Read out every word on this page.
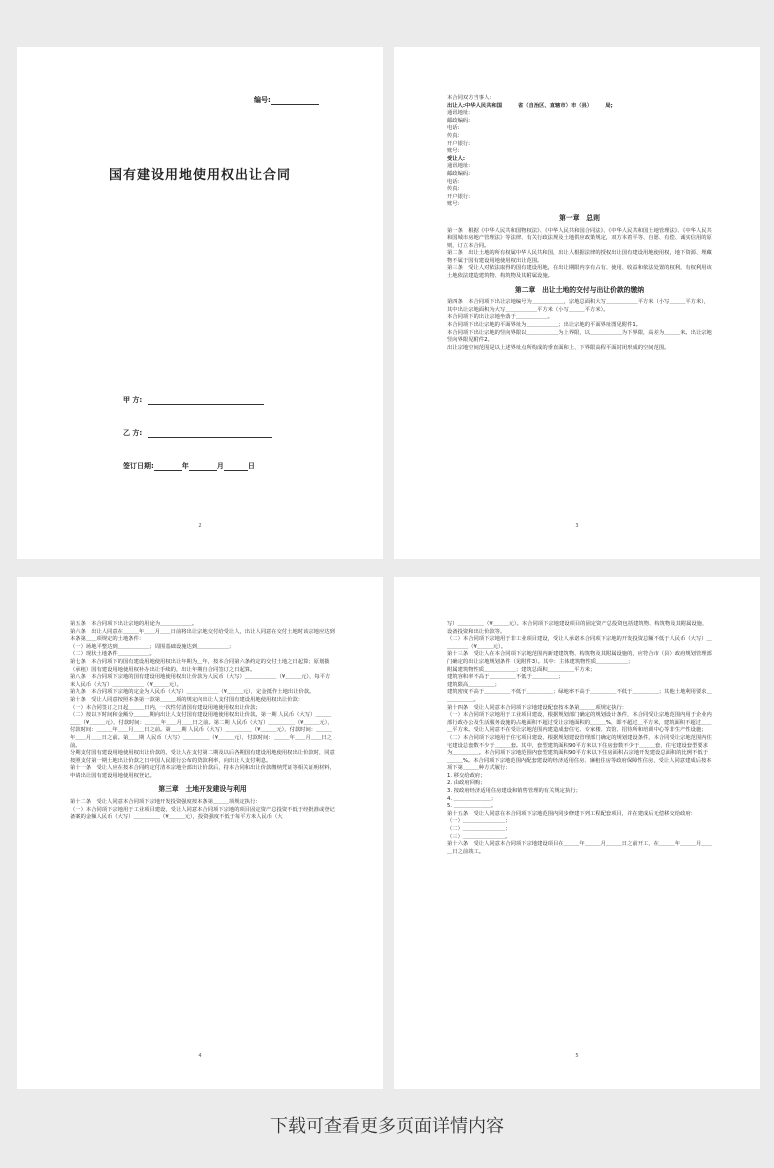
编号:
国有建设用地使用权出让合同
甲 方:
乙 方:
签订日期:	年	月	日
2

本合同双方当事人:

出让人:中华人民共和国　　　省（自治区、直辖市）市（县）　　　局;

通讯地址:

邮政编码:

电话:

传真:

开户银行:

账号:

受让人:

通讯地址:

邮政编码:

电话:

传真:

开户银行:

账号:

第一章　总则

第一条　根据《中华人民共和国物权法》、《中华人民共和国合同法》、《中华人民共和国土地管理法》、《中华人民共和国城市房地产管理法》等法律、有关行政法规及土地供应政策规定，双方本着平等、自愿、有偿、诚实信用的原则，订立本合同。

第二条　出让土地的所有权属中华人民共和国，出让人根据法律的授权出让国有建设用地使用权，地下资源、埋藏物不属于国有建设用地使用权出让范围。

第三条　受让人对依法取得的国有建设用地，在出让期限内享有占有、使用、收益和依法处置的权利，有权利用该土地依法建造建筑物、构筑物及其附属设施。

第二章　出让土地的交付与出让价款的缴纳

第四条　本合同项下出让宗地编号为＿＿＿＿＿＿，宗地总面积大写＿＿＿＿＿＿平方米（小写＿＿＿平方米），其中出让宗地面积为大写＿＿＿＿＿＿平方米（小写＿＿＿平方米）。

本合同项下的出让宗地坐落于＿＿＿＿＿＿。

本合同项下出让宗地的平面界址为＿＿＿＿＿＿；出让宗地的平面界址图见附件1。

本合同项下出让宗地的竖向界限以＿＿＿＿＿＿为上界限，以＿＿＿＿＿＿为下界限，高差为＿＿＿米。出让宗地竖向界限见附件2。

出让宗地空间范围是以上述界址点所构成的垂直面和上、下界限高程平面封闭形成的空间范围。

3

第五条　本合同项下出让宗地的用途为＿＿＿＿＿＿。

第六条　出让人同意在＿＿＿年＿＿月＿＿日前将出让宗地交付给受让人，出让人同意在交付土地时该宗地应达到本条第＿＿项规定的土地条件：

（一）场地平整达到＿＿＿＿＿＿；周围基础设施达到＿＿＿＿＿＿；

（二）现状土地条件＿＿＿＿＿＿。

第七条　本合同项下的国有建设用地使用权出让年期为＿年，按本合同第六条约定的交付土地之日起算；原划拨（承租）国有建设用地使用权补办出让手续的，出让年期自合同签订之日起算。

第八条　本合同项下宗地的国有建设用地使用权出让价款为人民币（大写）＿＿＿＿＿＿（¥＿＿＿元），每平方米人民币（大写）＿＿＿＿＿＿（¥＿＿＿元）。

第九条　本合同项下宗地的定金为人民币（大写）＿＿＿＿＿＿（¥＿＿＿元），定金抵作土地出让价款。

第十条　受让人同意按照本条第一款第＿＿＿项的规定向出让人支付国有建设用地使用权出让价款：

（一）本合同签订之日起＿＿＿日内，一次性付清国有建设用地使用权出让价款；

（二）按以下时间和金额分＿＿＿期向出让人支付国有建设用地使用权出让价款。第一期 人民币（大写）＿＿＿＿＿（¥＿＿＿元），付款时间：＿＿＿年＿＿月＿＿日之前。第二期 人民币（大写）＿＿＿＿＿（¥＿＿＿元），付款时间：＿＿＿年＿＿月＿＿日之前。第＿＿期 人民币（大写）＿＿＿＿＿（¥＿＿＿元），付款时间：＿＿＿年＿＿月＿＿日之前。第＿＿期 人民币（大写）＿＿＿＿＿（¥＿＿＿元），付款时间：＿＿＿年＿＿月＿＿日之前。

分期支付国有建设用地使用权出让价款的，受让人在支付第二期及以后各期国有建设用地使用权出让价款时，同意按照支付第一期土地出让价款之日中国人民银行公布的贷款利率，向出让人支付利息。

第十一条　受让人应在按本合同约定付清本宗地全部出让价款后，持本合同和出让价款缴纳凭证等相关证明材料，申请出让国有建设用地使用权登记。

第三章　土地开发建设与利用

第十二条　受让人同意本合同项下宗地开发投资强度按本条第＿＿＿项规定执行：

（一）本合同项下宗地用于工业项目建设，受让人同意本合同项下宗地的项目固定资产总投资不低于经批准或登记备案的金额人民币（大写）＿＿＿＿＿（¥＿＿＿元），投资强度不低于每平方米人民币（大

4

写）＿＿＿＿＿（¥＿＿＿元）。本合同项下宗地建设项目的固定资产总投资包括建筑物、构筑物及其附属设施、设备投资和出让价款等。

（二）本合同项下宗地用于非工业项目建设，受让人承诺本合同项下宗地的开发投资总额不低于人民币（大写）＿＿＿＿＿（¥＿＿＿元）。

第十三条　受让人在本合同项下宗地范围内新建建筑物、构筑物及其附属设施的，应符合市（县）政府规划管理部门确定的出让宗地规划条件（见附件3）。其中：主体建筑物性质＿＿＿＿＿＿；

附属建筑物性质＿＿＿＿＿＿；建筑总面积＿＿＿＿＿平方米；

建筑容积率不高于＿＿＿＿＿不低于＿＿＿＿＿；

建筑限高＿＿＿＿＿；

建筑密度不高于＿＿＿＿＿不低于＿＿＿＿＿；绿地率不高于＿＿＿＿＿不低于＿＿＿＿＿；其他土地利用要求＿＿＿＿＿＿。

第十四条　受让人同意本合同项下宗地建设配套按本条第＿＿＿项规定执行：

（一）本合同项下宗地用于工业项目建设，根据规划部门确定的规划设计条件，本合同受让宗地范围内用于企业内部行政办公及生活服务设施的占地面积不超过受让宗地面积的＿＿＿%，即不超过＿平方米，建筑面积不超过＿＿＿平方米。受让人同意不在受让宗地范围内建造成套住宅、专家楼、宾馆、招待所和培训中心等非生产性设施；

（二）本合同项下宗地用于住宅项目建设，根据规划建设管理部门确定的规划建设条件，本合同受让宗地范围内住宅建设总套数不少于＿＿＿套。其中，套型建筑面积90平方米以下住房套数不少于＿＿＿套，住宅建设套型要求为＿＿＿＿＿。本合同项下宗地范围内套型建筑面积90平方米以下住房面积占宗地开发建设总面积的比例不低于＿＿＿%。本合同项下宗地范围内配套建设的经济适用住房、廉租住房等政府保障性住房，受让人同意建成后按本项下第＿＿＿种方式履行：

1. 移交给政府；

2. 由政府回购；

3. 按政府经济适用住房建设和销售管理的有关规定执行；

4. ＿＿＿＿＿＿＿；

5. ＿＿＿＿＿＿＿。

第十五条　受让人同意在本合同项下宗地范围内同步修建下列工程配套项目，并在建成后无偿移交给政府：

（一）＿＿＿＿＿＿＿＿；

（二）＿＿＿＿＿＿＿＿；

（三）＿＿＿＿＿＿＿＿。

第十六条　受让人同意本合同项下宗地建设项目在＿＿＿年＿＿＿月＿＿＿日之前开工，在＿＿＿年＿＿＿月＿＿＿日之前竣工。

5
下载可查看更多页面详情内容
